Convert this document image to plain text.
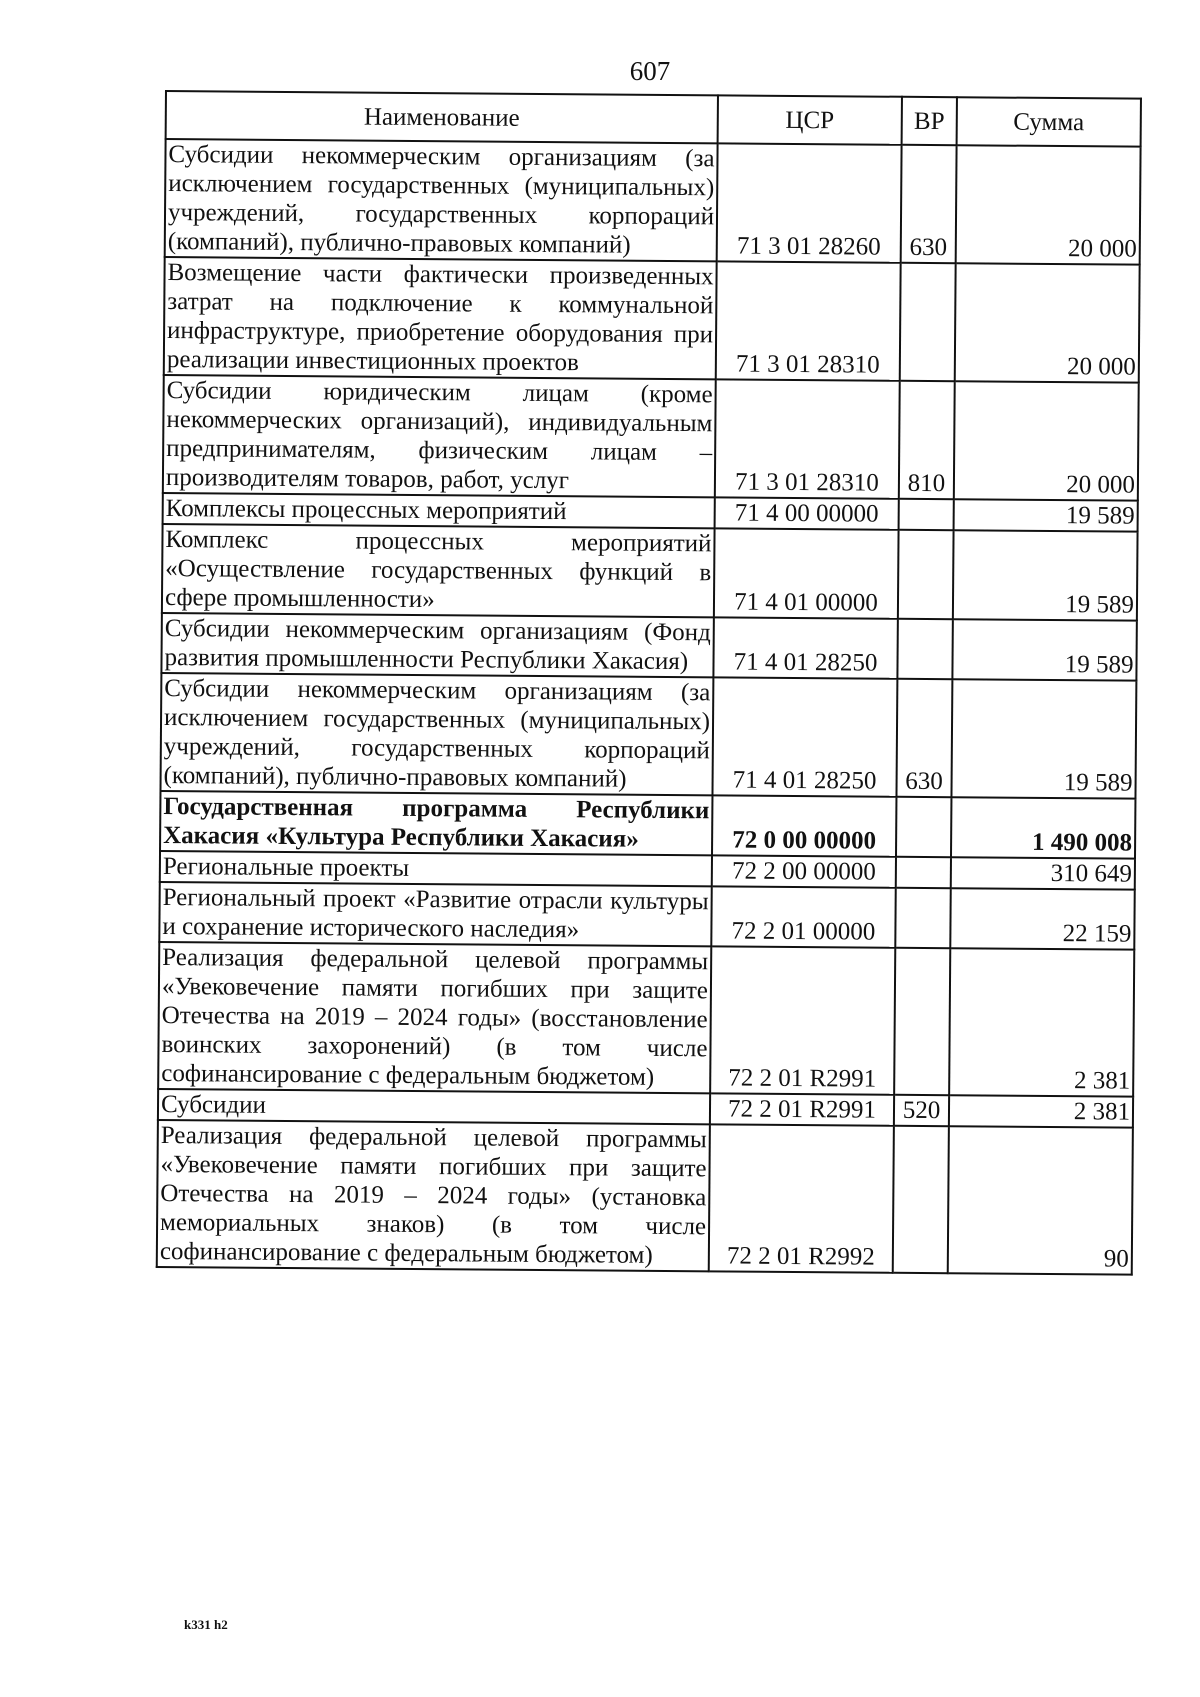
607
Наименование	ЦСР	ВР	Сумма
Субсидии некоммерческим организациям (за исключением государственных (муниципальных) учреждений, государственных корпораций (компаний), публично-правовых компаний)	71 3 01 28260	630	20 000
Возмещение части фактически произведенных затрат на подключение к коммунальной инфраструктуре, приобретение оборудования при реализации инвестиционных проектов	71 3 01 28310		20 000
Субсидии юридическим лицам (кроме некоммерческих организаций), индивидуальным предпринимателям, физическим лицам – производителям товаров, работ, услуг	71 3 01 28310	810	20 000
Комплексы процессных мероприятий	71 4 00 00000		19 589
Комплекс процессных мероприятий «Осуществление государственных функций в сфере промышленности»	71 4 01 00000		19 589
Субсидии некоммерческим организациям (Фонд развития промышленности Республики Хакасия)	71 4 01 28250		19 589
Субсидии некоммерческим организациям (за исключением государственных (муниципальных) учреждений, государственных корпораций (компаний), публично-правовых компаний)	71 4 01 28250	630	19 589
Государственная программа Республики Хакасия «Культура Республики Хакасия»	72 0 00 00000		1 490 008
Региональные проекты	72 2 00 00000		310 649
Региональный проект «Развитие отрасли культуры и сохранение исторического наследия»	72 2 01 00000		22 159
Реализация федеральной целевой программы «Увековечение памяти погибших при защите Отечества на 2019 – 2024 годы» (восстановление воинских захоронений) (в том числе софинансирование с федеральным бюджетом)	72 2 01 R2991		2 381
Субсидии	72 2 01 R2991	520	2 381
Реализация федеральной целевой программы «Увековечение памяти погибших при защите Отечества на 2019 – 2024 годы» (установка мемориальных знаков) (в том числе софинансирование с федеральным бюджетом)	72 2 01 R2992		90
k331 h2
